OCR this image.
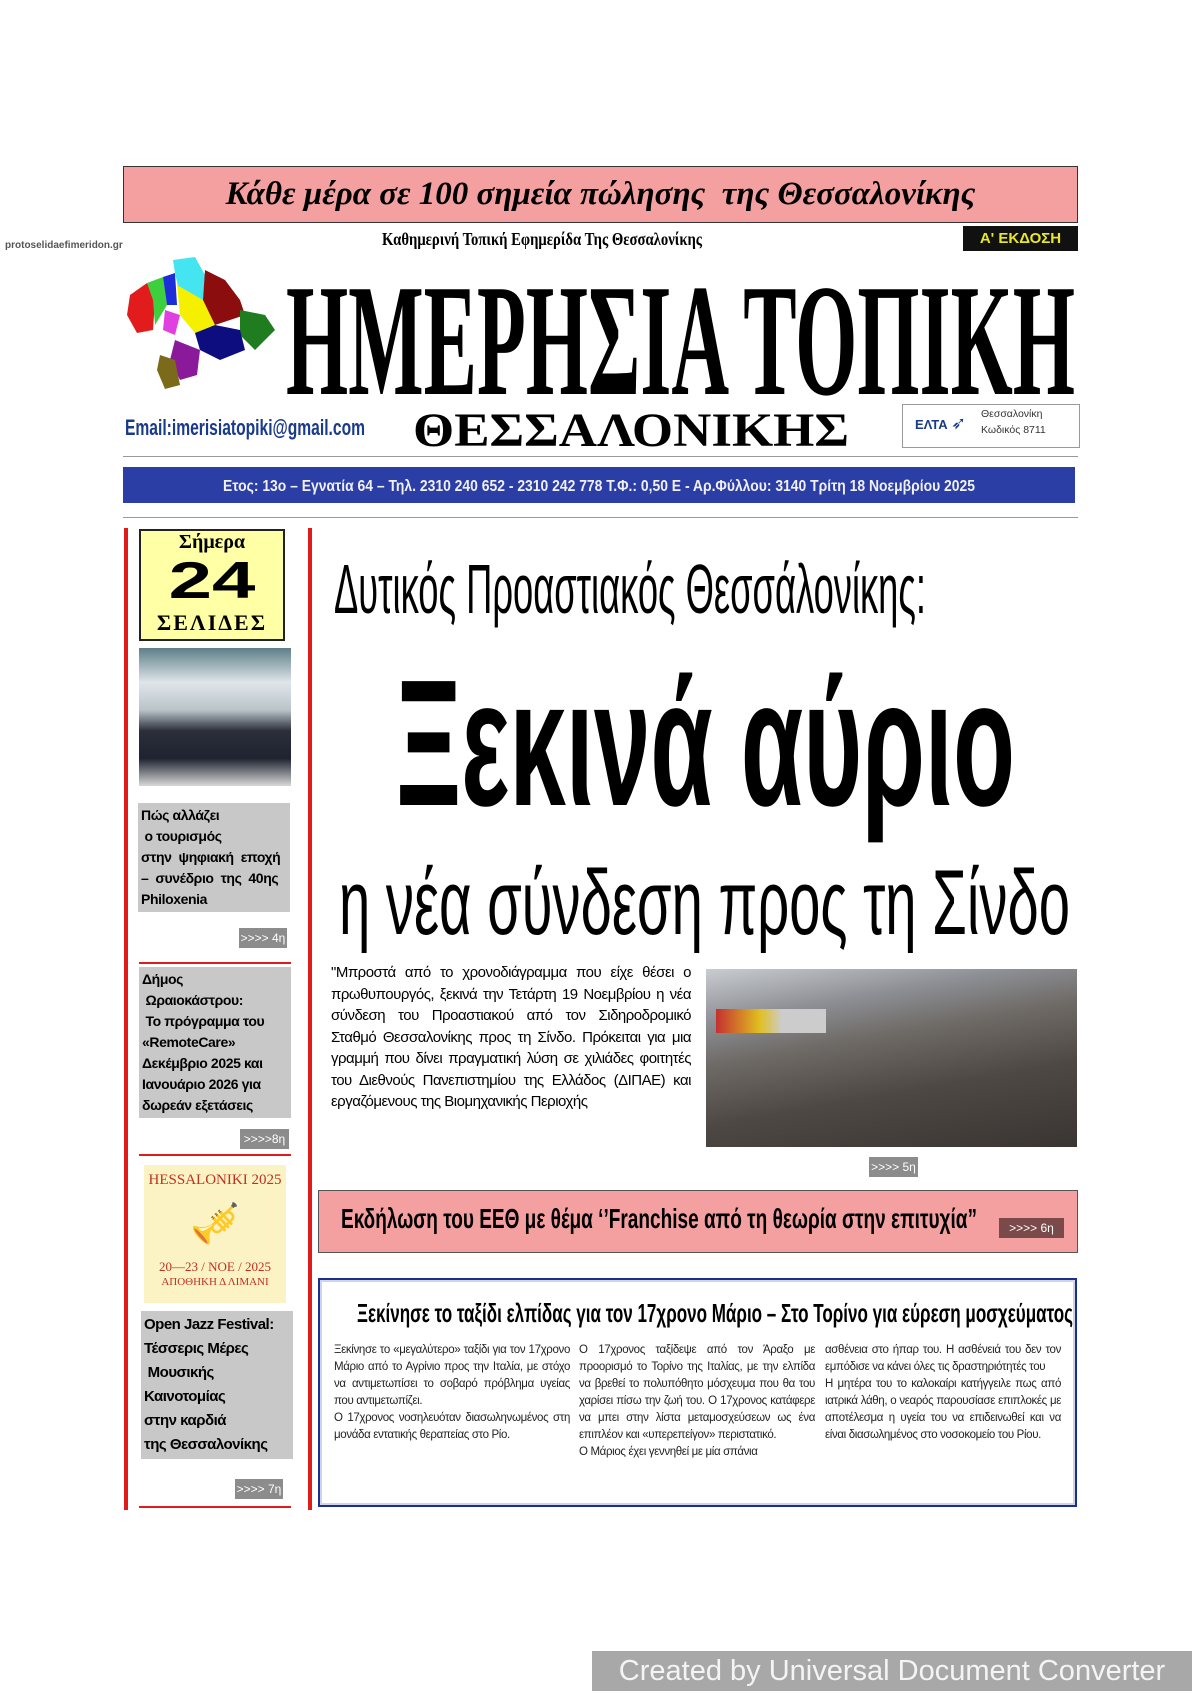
Κάθε μέρα σε 100 σημεία πώλησης  της Θεσσαλονίκης
protoselidaefimeridon.gr	Καθημερινή Τοπική Εφημερίδα Της Θεσσαλονίκης	Α' ΕΚΔΟΣΗ
ΗΜΕΡΗΣΙΑ ΤΟΠΙΚΗ
Email:imerisiatopiki@gmail.com ΘΕΣΣΑΛΟΝΙΚΗΣ	ΕΛΤΑ ➶ Θεσσαλονίκη
Κωδικός 8711
Ετος: 13ο – Εγνατία 64 – Τηλ. 2310 240 652 - 2310 242 778 Τ.Φ.: 0,50 Ε - Αρ.Φύλλου: 3140 Τρίτη 18 Νοεμβρίου 2025
Σήμερα
24
ΣΕΛΙΔΕΣ
Πώς αλλάζει
ο τουρισμός
στην  ψηφιακή  εποχή
–  συνέδριο  της  40ης
Philoxenia
>>>> 4η
Δήμος
Ωραιοκάστρου:
Το πρόγραμμα του
«RemoteCare»
Δεκέμβριο 2025 και
Ιανουάριο 2026 για
δωρεάν εξετάσεις
>>>>8η
HESSALONIKI 2025
🎺
20—23 / ΝΟΕ / 2025
ΑΠΟΘΗΚΗ Δ ΛΙΜΑΝΙ
Open Jazz Festival:
Τέσσερις Μέρες
Μουσικής
Καινοτομίας
στην καρδιά
της Θεσσαλονίκης
>>>> 7η
Δυτικός Προαστιακός Θεσσάλονίκης:
Ξεκινά αύριο
η νέα σύνδεση προς τη Σίνδο
"Μπροστά από το χρονοδιάγραμμα που είχε θέσει ο πρωθυπουργός, ξεκινά την Τετάρτη 19 Νοεμβρίου η νέα σύνδεση του Προαστιακού από τον Σιδηροδρομικό Σταθμό Θεσσαλονίκης προς τη Σίνδο. Πρόκειται για μια γραμμή που δίνει πραγματική λύση σε χιλιάδες φοιτητές του Διεθνούς Πανεπιστημίου της Ελλάδος (ΔΙΠΑΕ) και εργαζόμενους της Βιομηχανικής Περιοχής
>>>> 5η
Εκδήλωση του ΕΕΘ με θέμα ‘’Franchise από τη θεωρία στην επιτυχία”	>>>> 6η
Ξεκίνησε το ταξίδι ελπίδας για τον 17χρονο Μάριο – Στο Τορίνο για εύρεση μοσχεύματος
Ξεκίνησε το «μεγαλύτερο» ταξίδι για τον 17χρονο Μάριο από το Αγρίνιο προς την Ιταλία, με στόχο να αντιμετωπίσει το σοβαρό πρόβλημα υγείας που αντιμετωπίζει.
Ο 17χρονος νοσηλευόταν διασωληνωμένος στη μονάδα εντατικής θεραπείας στο Ρίο.
Ο 17χρονος ταξίδεψε από τον Άραξο με προορισμό το Τορίνο της Ιταλίας, με την ελπίδα να βρεθεί το πολυπόθητο μόσχευμα που θα του χαρίσει πίσω την ζωή του. Ο 17χρονος κατάφερε να μπει στην λίστα μεταμοσχεύσεων ως ένα επιπλέον και «υπερεπείγον» περιστατικό.
Ο Μάριος έχει γεννηθεί με μία σπάνια
ασθένεια στο ήπαρ του. Η ασθένειά του δεν τον εμπόδισε να κάνει όλες τις δραστηριότητές του
Η μητέρα του το καλοκαίρι κατήγγειλε πως από ιατρικά λάθη, ο νεαρός παρουσίασε επιπλοκές με αποτέλεσμα η υγεία του να επιδεινωθεί και να είναι διασωλημένος στο νοσοκομείο του Ρίου.
Created by Universal Document Converter
